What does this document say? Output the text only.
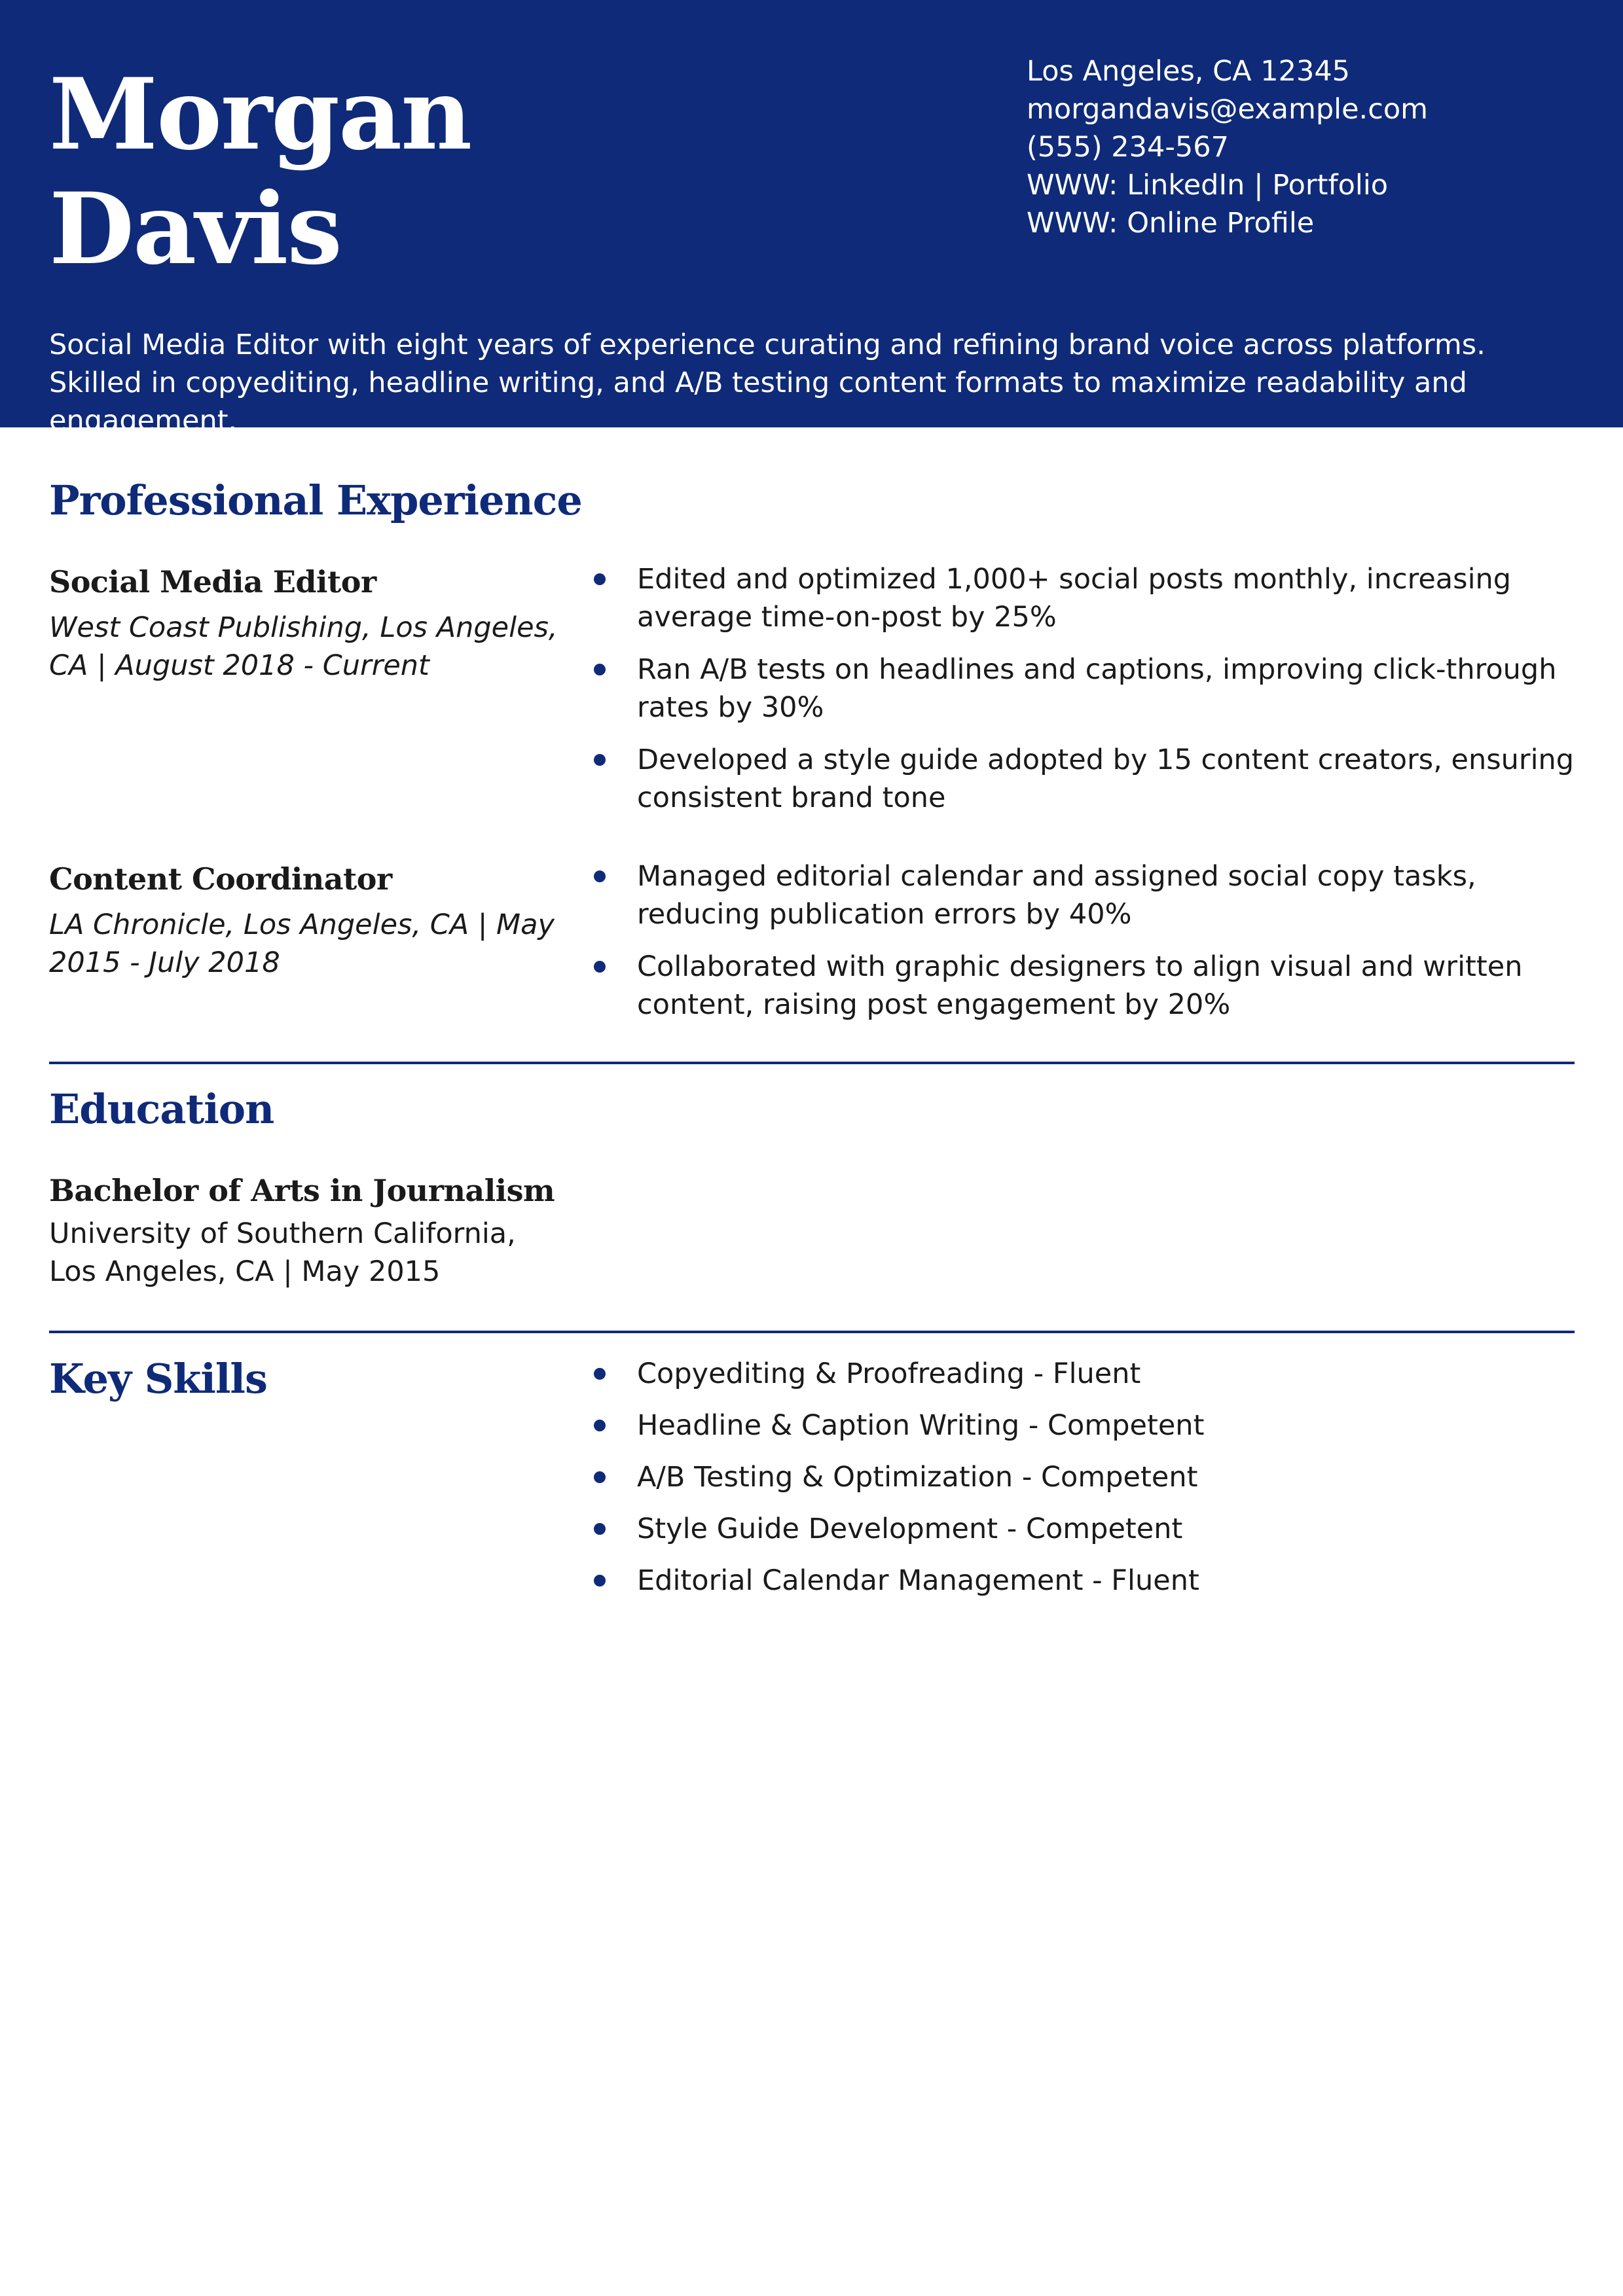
Morgan
Davis
Los Angeles, CA 12345
morgandavis@example.com
(555) 234-567
WWW: LinkedIn | Portfolio
WWW: Online Profile
Social Media Editor with eight years of experience curating and refining brand voice across platforms. Skilled in copyediting, headline writing, and A/B testing content formats to maximize readability and engagement.
Professional Experience
Social Media Editor
West Coast Publishing, Los Angeles, CA | August 2018 - Current
Edited and optimized 1,000+ social posts monthly, increasing average time-on-post by 25%
Ran A/B tests on headlines and captions, improving click-through rates by 30%
Developed a style guide adopted by 15 content creators, ensuring consistent brand tone
Content Coordinator
LA Chronicle, Los Angeles, CA | May 2015 - July 2018
Managed editorial calendar and assigned social copy tasks, reducing publication errors by 40%
Collaborated with graphic designers to align visual and written content, raising post engagement by 20%
Education
Bachelor of Arts in Journalism
University of Southern California,
Los Angeles, CA | May 2015
Key Skills	Copyediting & Proofreading - Fluent
Headline & Caption Writing - Competent
A/B Testing & Optimization - Competent
Style Guide Development - Competent
Editorial Calendar Management - Fluent
